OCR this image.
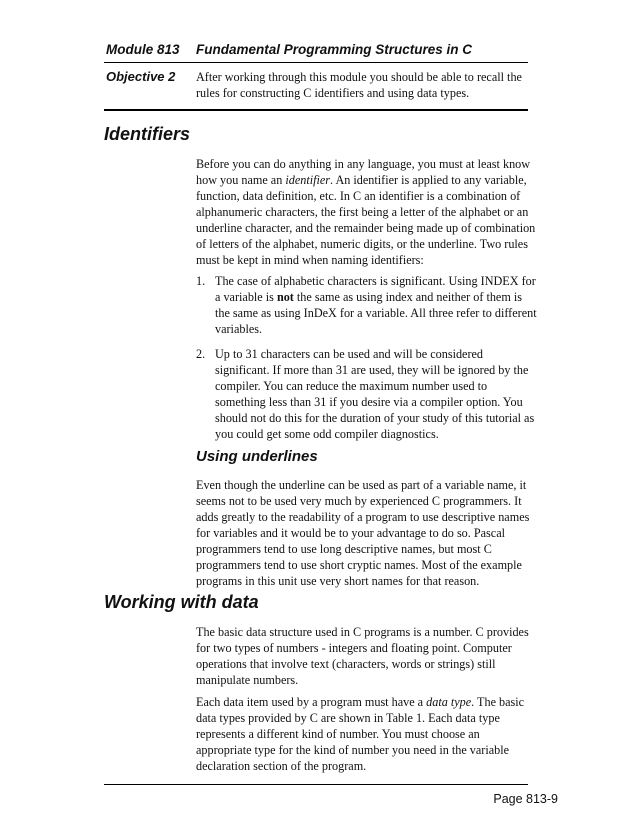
Module 813 Fundamental Programming Structures in C
Objective 2 After working through this module you should be able to recall the rules for constructing C identifiers and using data types.
Identifiers

Before you can do anything in any language, you must at least know how you name an identifier. An identifier is applied to any variable, function, data definition, etc. In C an identifier is a combination of alphanumeric characters, the first being a letter of the alphabet or an underline character, and the remainder being made up of combination of letters of the alphabet, numeric digits, or the underline. Two rules must be kept in mind when naming identifiers:

1. The case of alphabetic characters is significant. Using INDEX for a variable is not the same as using index and neither of them is the same as using InDeX for a variable. All three refer to different variables.
2. Up to 31 characters can be used and will be considered significant. If more than 31 are used, they will be ignored by the compiler. You can reduce the maximum number used to something less than 31 if you desire via a compiler option. You should not do this for the duration of your study of this tutorial as you could get some odd compiler diagnostics.
Using underlines

Even though the underline can be used as part of a variable name, it seems not to be used very much by experienced C programmers. It adds greatly to the readability of a program to use descriptive names for variables and it would be to your advantage to do so. Pascal programmers tend to use long descriptive names, but most C programmers tend to use short cryptic names. Most of the example programs in this unit use very short names for that reason.

Working with data

The basic data structure used in C programs is a number. C provides for two types of numbers - integers and floating point. Computer operations that involve text (characters, words or strings) still manipulate numbers.

Each data item used by a program must have a data type. The basic data types provided by C are shown in Table 1. Each data type represents a different kind of number. You must choose an appropriate type for the kind of number you need in the variable declaration section of the program.

Page 813-9
